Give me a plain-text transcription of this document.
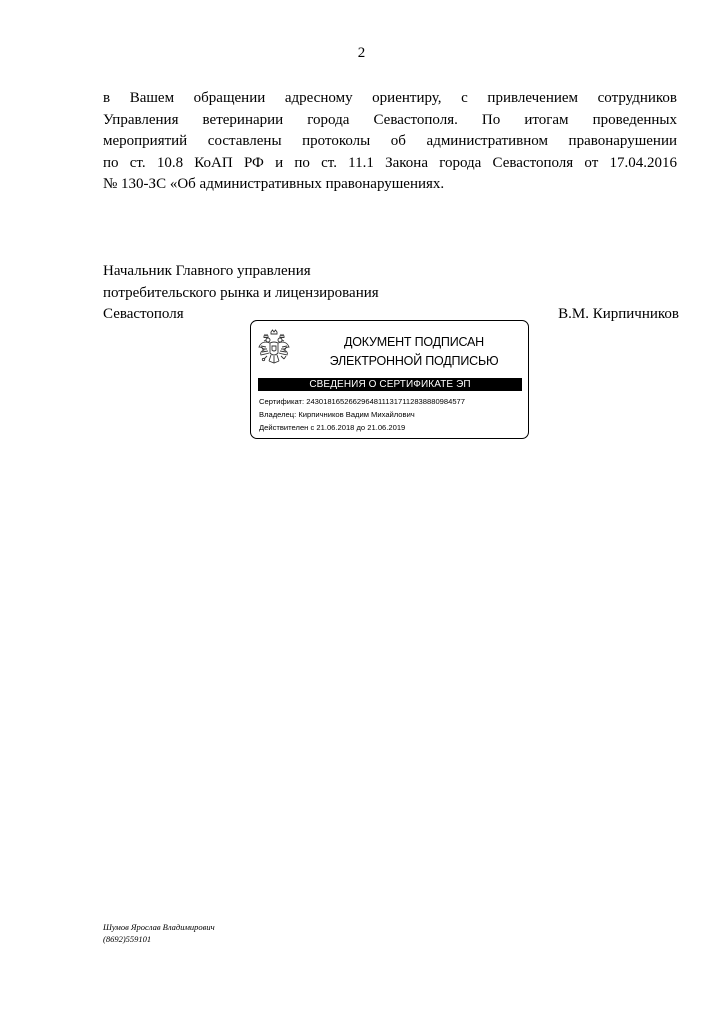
2

в Вашем обращении адресному ориентиру, с привлечением сотрудников
Управления ветеринарии города Севастополя. По итогам проведенных
мероприятий составлены протоколы об административном правонарушении
по ст. 10.8 КоАП РФ и по ст. 11.1 Закона города Севастополя от 17.04.2016
№ 130-ЗС «Об административных правонарушениях.

Начальник Главного управления
потребительского рынка и лицензирования
Севастополя	В.М. Кирпичников
ДОКУМЕНТ ПОДПИСАН
ЭЛЕКТРОННОЙ ПОДПИСЬЮ
СВЕДЕНИЯ О СЕРТИФИКАТЕ ЭП
Сертификат: 24301816526629648111317112838880984577
Владелец: Кирпичников Вадим Михайлович
Действителен с 21.06.2018 до 21.06.2019
Шумов Ярослав Владимирович
(8692)559101
